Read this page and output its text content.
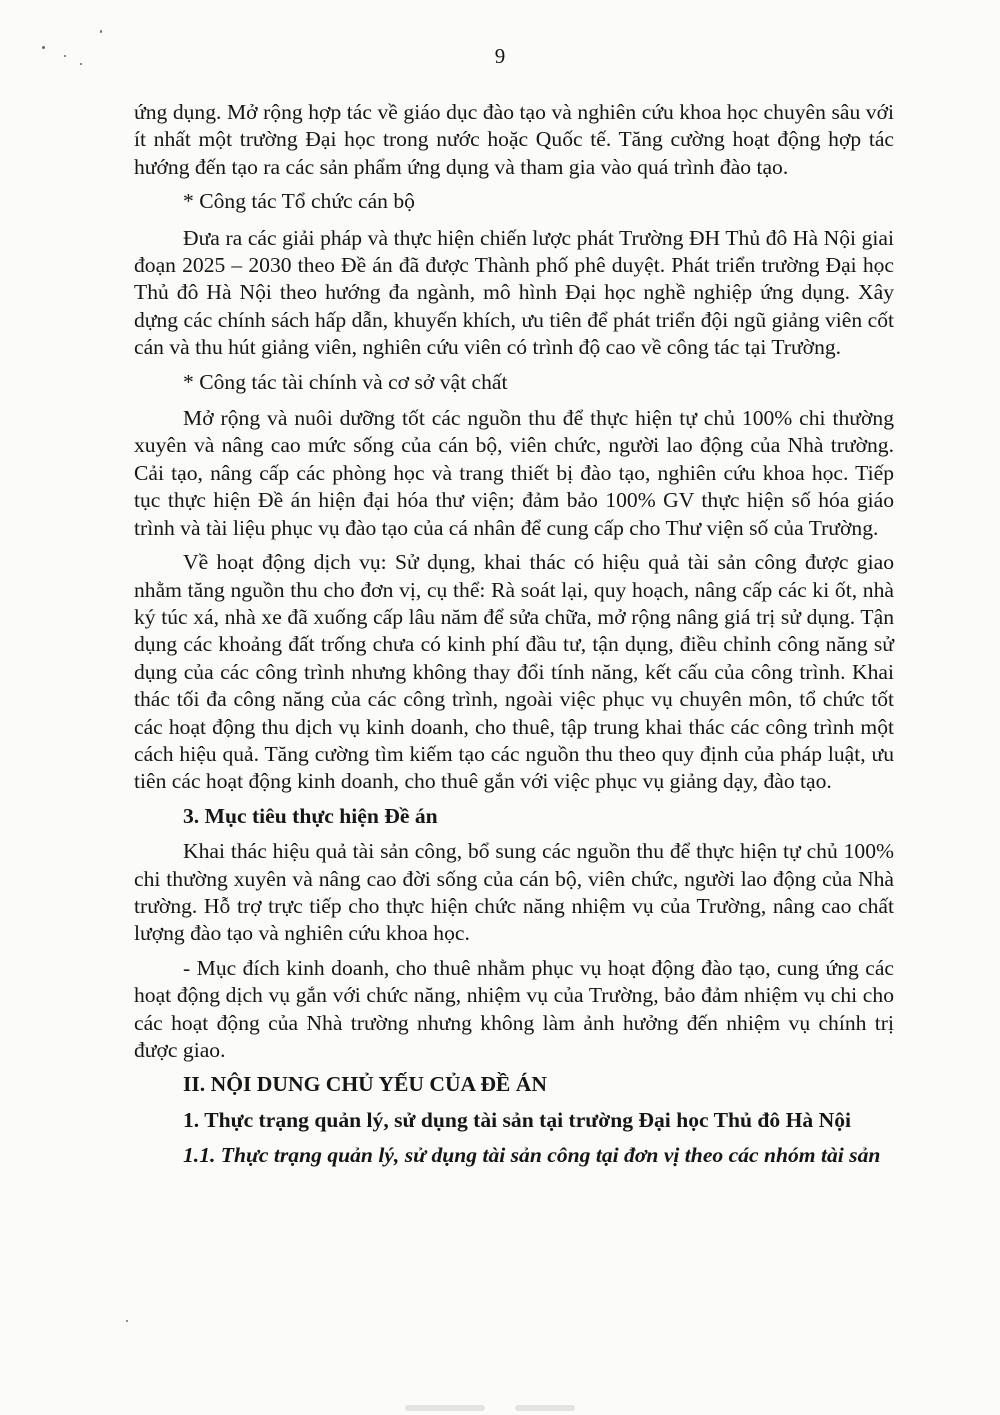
9

ứng dụng. Mở rộng hợp tác về giáo dục đào tạo và nghiên cứu khoa học chuyên sâu với ít nhất một trường Đại học trong nước hoặc Quốc tế. Tăng cường hoạt động hợp tác hướng đến tạo ra các sản phẩm ứng dụng và tham gia vào quá trình đào tạo.

* Công tác Tổ chức cán bộ

Đưa ra các giải pháp và thực hiện chiến lược phát Trường ĐH Thủ đô Hà Nội giai đoạn 2025 – 2030 theo Đề án đã được Thành phố phê duyệt. Phát triển trường Đại học Thủ đô Hà Nội theo hướng đa ngành, mô hình Đại học nghề nghiệp ứng dụng. Xây dựng các chính sách hấp dẫn, khuyến khích, ưu tiên để phát triển đội ngũ giảng viên cốt cán và thu hút giảng viên, nghiên cứu viên có trình độ cao về công tác tại Trường.

* Công tác tài chính và cơ sở vật chất

Mở rộng và nuôi dưỡng tốt các nguồn thu để thực hiện tự chủ 100% chi thường xuyên và nâng cao mức sống của cán bộ, viên chức, người lao động của Nhà trường. Cải tạo, nâng cấp các phòng học và trang thiết bị đào tạo, nghiên cứu khoa học. Tiếp tục thực hiện Đề án hiện đại hóa thư viện; đảm bảo 100% GV thực hiện số hóa giáo trình và tài liệu phục vụ đào tạo của cá nhân để cung cấp cho Thư viện số của Trường.

Về hoạt động dịch vụ: Sử dụng, khai thác có hiệu quả tài sản công được giao nhằm tăng nguồn thu cho đơn vị, cụ thể: Rà soát lại, quy hoạch, nâng cấp các ki ốt, nhà ký túc xá, nhà xe đã xuống cấp lâu năm để sửa chữa, mở rộng nâng giá trị sử dụng. Tận dụng các khoảng đất trống chưa có kinh phí đầu tư, tận dụng, điều chỉnh công năng sử dụng của các công trình nhưng không thay đổi tính năng, kết cấu của công trình. Khai thác tối đa công năng của các công trình, ngoài việc phục vụ chuyên môn, tổ chức tốt các hoạt động thu dịch vụ kinh doanh, cho thuê, tập trung khai thác các công trình một cách hiệu quả. Tăng cường tìm kiếm tạo các nguồn thu theo quy định của pháp luật, ưu tiên các hoạt động kinh doanh, cho thuê gắn với việc phục vụ giảng dạy, đào tạo.

3. Mục tiêu thực hiện Đề án

Khai thác hiệu quả tài sản công, bổ sung các nguồn thu để thực hiện tự chủ 100% chi thường xuyên và nâng cao đời sống của cán bộ, viên chức, người lao động của Nhà trường. Hỗ trợ trực tiếp cho thực hiện chức năng nhiệm vụ của Trường, nâng cao chất lượng đào tạo và nghiên cứu khoa học.

- Mục đích kinh doanh, cho thuê nhằm phục vụ hoạt động đào tạo, cung ứng các hoạt động dịch vụ gắn với chức năng, nhiệm vụ của Trường, bảo đảm nhiệm vụ chi cho các hoạt động của Nhà trường nhưng không làm ảnh hưởng đến nhiệm vụ chính trị được giao.

II. NỘI DUNG CHỦ YẾU CỦA ĐỀ ÁN

1. Thực trạng quản lý, sử dụng tài sản tại trường Đại học Thủ đô Hà Nội

1.1. Thực trạng quản lý, sử dụng tài sản công tại đơn vị theo các nhóm tài sản
